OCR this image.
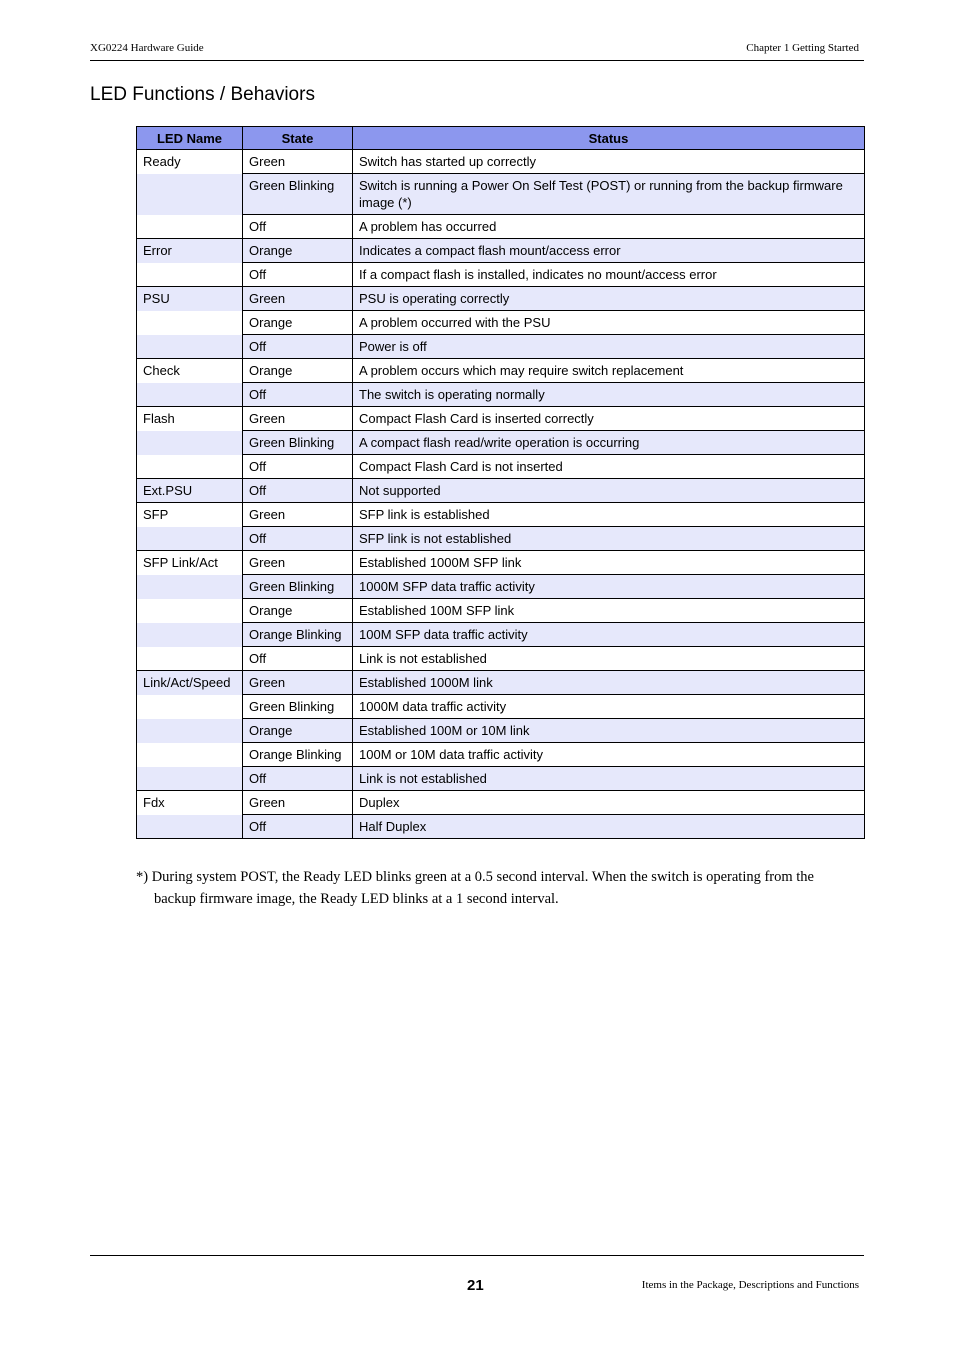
XG0224 Hardware Guide	Chapter 1 Getting Started
LED Functions / Behaviors
LED Name	State	Status
Ready	Green	Switch has started up correctly
	Green Blinking	Switch is running a Power On Self Test (POST) or running from the backup firmware image (*)
	Off	A problem has occurred
Error	Orange	Indicates a compact flash mount/access error
	Off	If a compact flash is installed, indicates no mount/access error
PSU	Green	PSU is operating correctly
	Orange	A problem occurred with the PSU
	Off	Power is off
Check	Orange	A problem occurs which may require switch replacement
	Off	The switch is operating normally
Flash	Green	Compact Flash Card is inserted correctly
	Green Blinking	A compact flash read/write operation is occurring
	Off	Compact Flash Card is not inserted
Ext.PSU	Off	Not supported
SFP	Green	SFP link is established
	Off	SFP link is not established
SFP Link/Act	Green	Established 1000M SFP link
	Green Blinking	1000M SFP data traffic activity
	Orange	Established 100M SFP link
	Orange Blinking	100M SFP data traffic activity
	Off	Link is not established
Link/Act/Speed	Green	Established 1000M link
	Green Blinking	1000M data traffic activity
	Orange	Established 100M or 10M link
	Orange Blinking	100M or 10M data traffic activity
	Off	Link is not established
Fdx	Green	Duplex
	Off	Half Duplex
*) During system POST, the Ready LED blinks green at a 0.5 second interval. When the switch is operating from the
backup firmware image, the Ready LED blinks at a 1 second interval.
21	Items in the Package, Descriptions and Functions
